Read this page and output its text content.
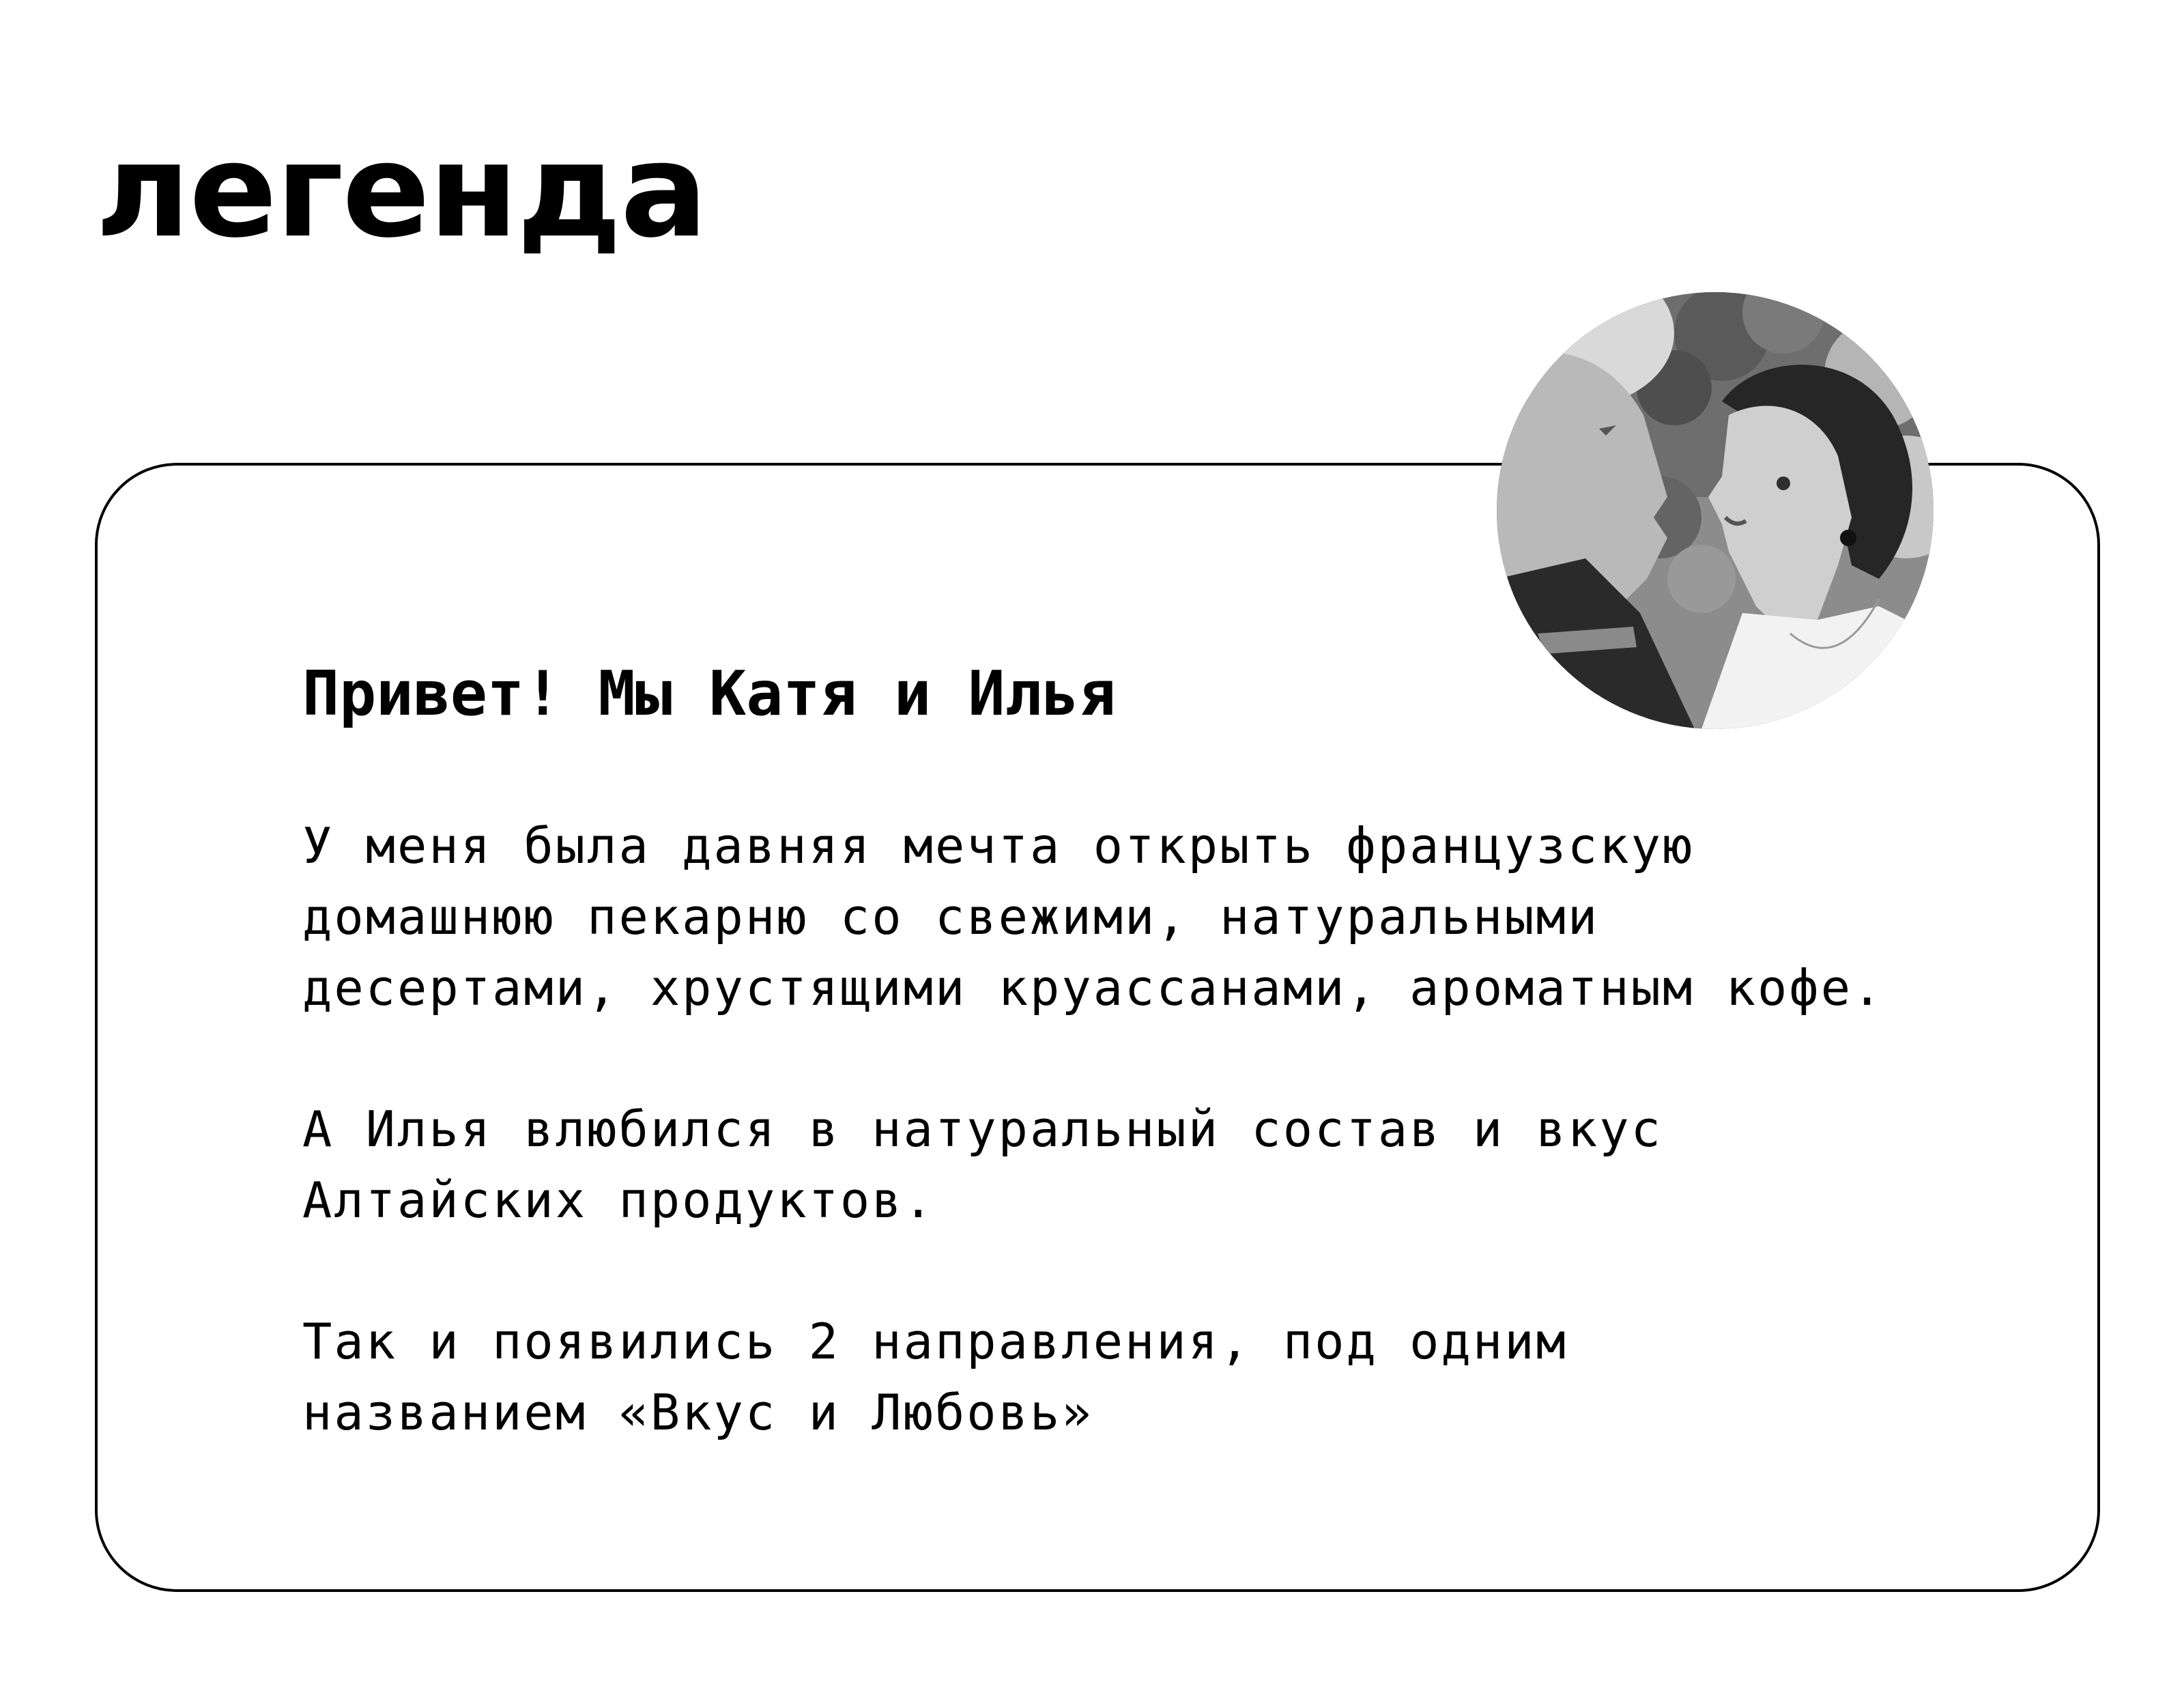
легенда
Привет! Мы Катя и Илья

У меня была давняя мечта открыть французскую
домашнюю пекарню со свежими, натуральными
десертами, хрустящими круассанами, ароматным кофе.

А Илья влюбился в натуральный состав и вкус
Алтайских продуктов.

Так и появились 2 направления, под одним
названием «Вкус и Любовь»
